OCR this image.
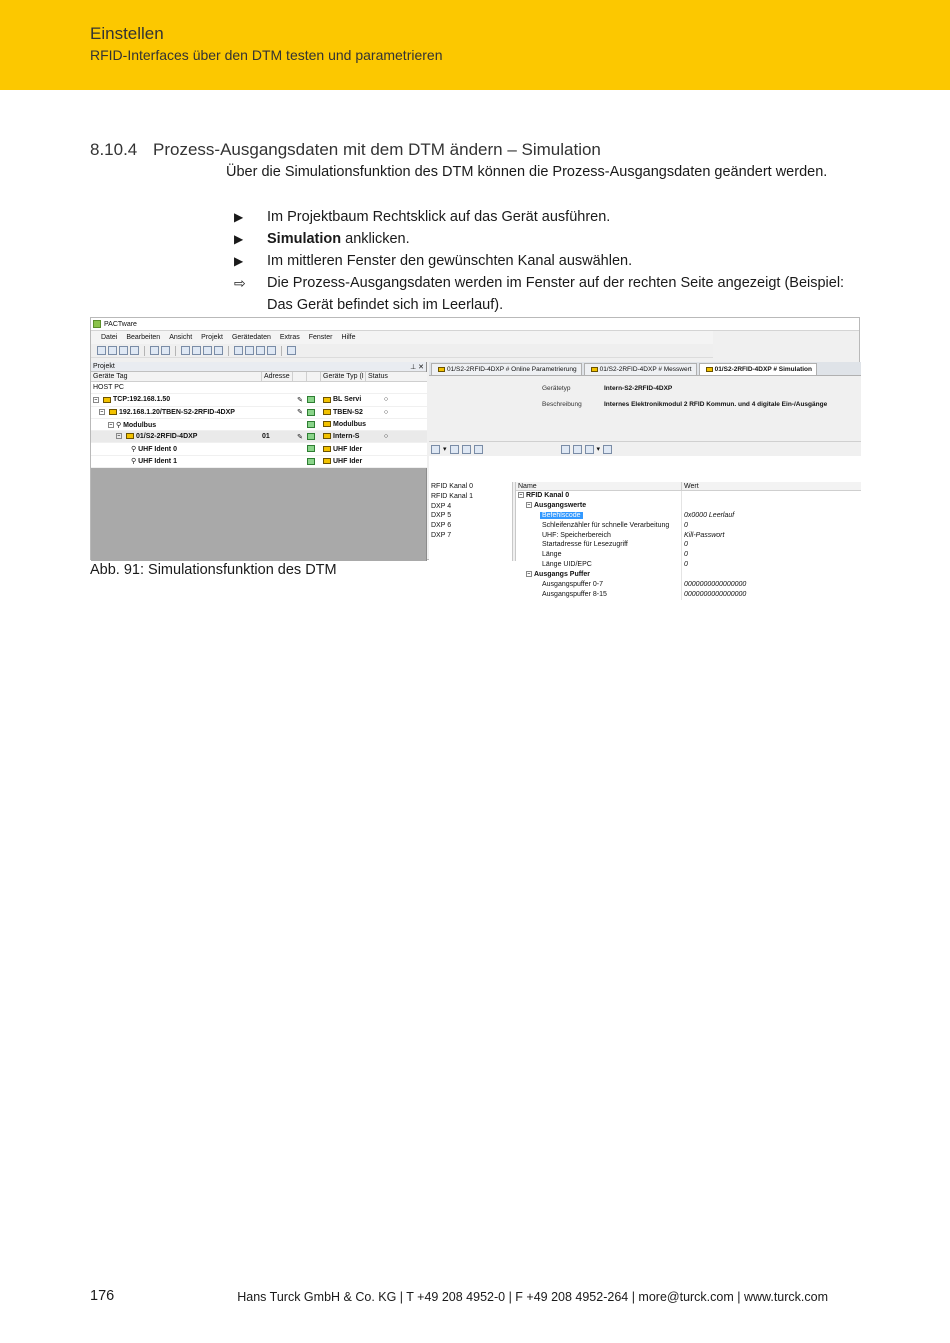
Einstellen
RFID-Interfaces über den DTM testen und parametrieren
8.10.4 Prozess-Ausgangsdaten mit dem DTM ändern – Simulation
Über die Simulationsfunktion des DTM können die Prozess-Ausgangsdaten geändert werden.
▶	Im Projektbaum Rechtsklick auf das Gerät ausführen.
▶	Simulation anklicken.
▶	Im mittleren Fenster den gewünschten Kanal auswählen.
⇨	Die Prozess-Ausgangsdaten werden im Fenster auf der rechten Seite angezeigt (Beispiel: Das Gerät befindet sich im Leerlauf).
PACTware
Datei Bearbeiten Ansicht Projekt Gerätedaten Extras Fenster Hilfe
Projekt	⊥ ✕
Geräte Tag	Adresse	Geräte Typ (I Status
HOST PC
− TCP:192.168.1.50	✎	BL Servi	○
− 192.168.1.20/TBEN-S2-2RFID-4DXP	✎	TBEN-S2	○
− ⚲ Modulbus	Modulbus
− 01/S2-2RFID-4DXP	01	✎	Intern-S	○
⚲ UHF Ident 0	UHF Ider
⚲ UHF Ident 1	UHF Ider
01/S2-2RFID-4DXP # Online Parametrierung	01/S2-2RFID-4DXP # Messwert	01/S2-2RFID-4DXP # Simulation
Gerätetyp	Intern-S2-2RFID-4DXP
Beschreibung	Internes Elektronikmodul 2 RFID Kommun. und 4 digitale Ein-/Ausgänge
▾	▾
RFID Kanal 0
RFID Kanal 1
DXP 4
DXP 5
DXP 6
DXP 7
Name	Wert
− RFID Kanal 0
− Ausgangswerte
Befehlscode	0x0000 Leerlauf
Schleifenzähler für schnelle Verarbeitung	0
UHF: Speicherbereich	Kill-Passwort
Startadresse für Lesezugriff	0
Länge	0
Länge UID/EPC	0
− Ausgangs Puffer
Ausgangspuffer 0-7	0000000000000000
Ausgangspuffer 8-15	0000000000000000
Abb. 91: Simulationsfunktion des DTM
176	Hans Turck GmbH & Co. KG | T +49 208 4952-0 | F +49 208 4952-264 | more@turck.com | www.turck.com
